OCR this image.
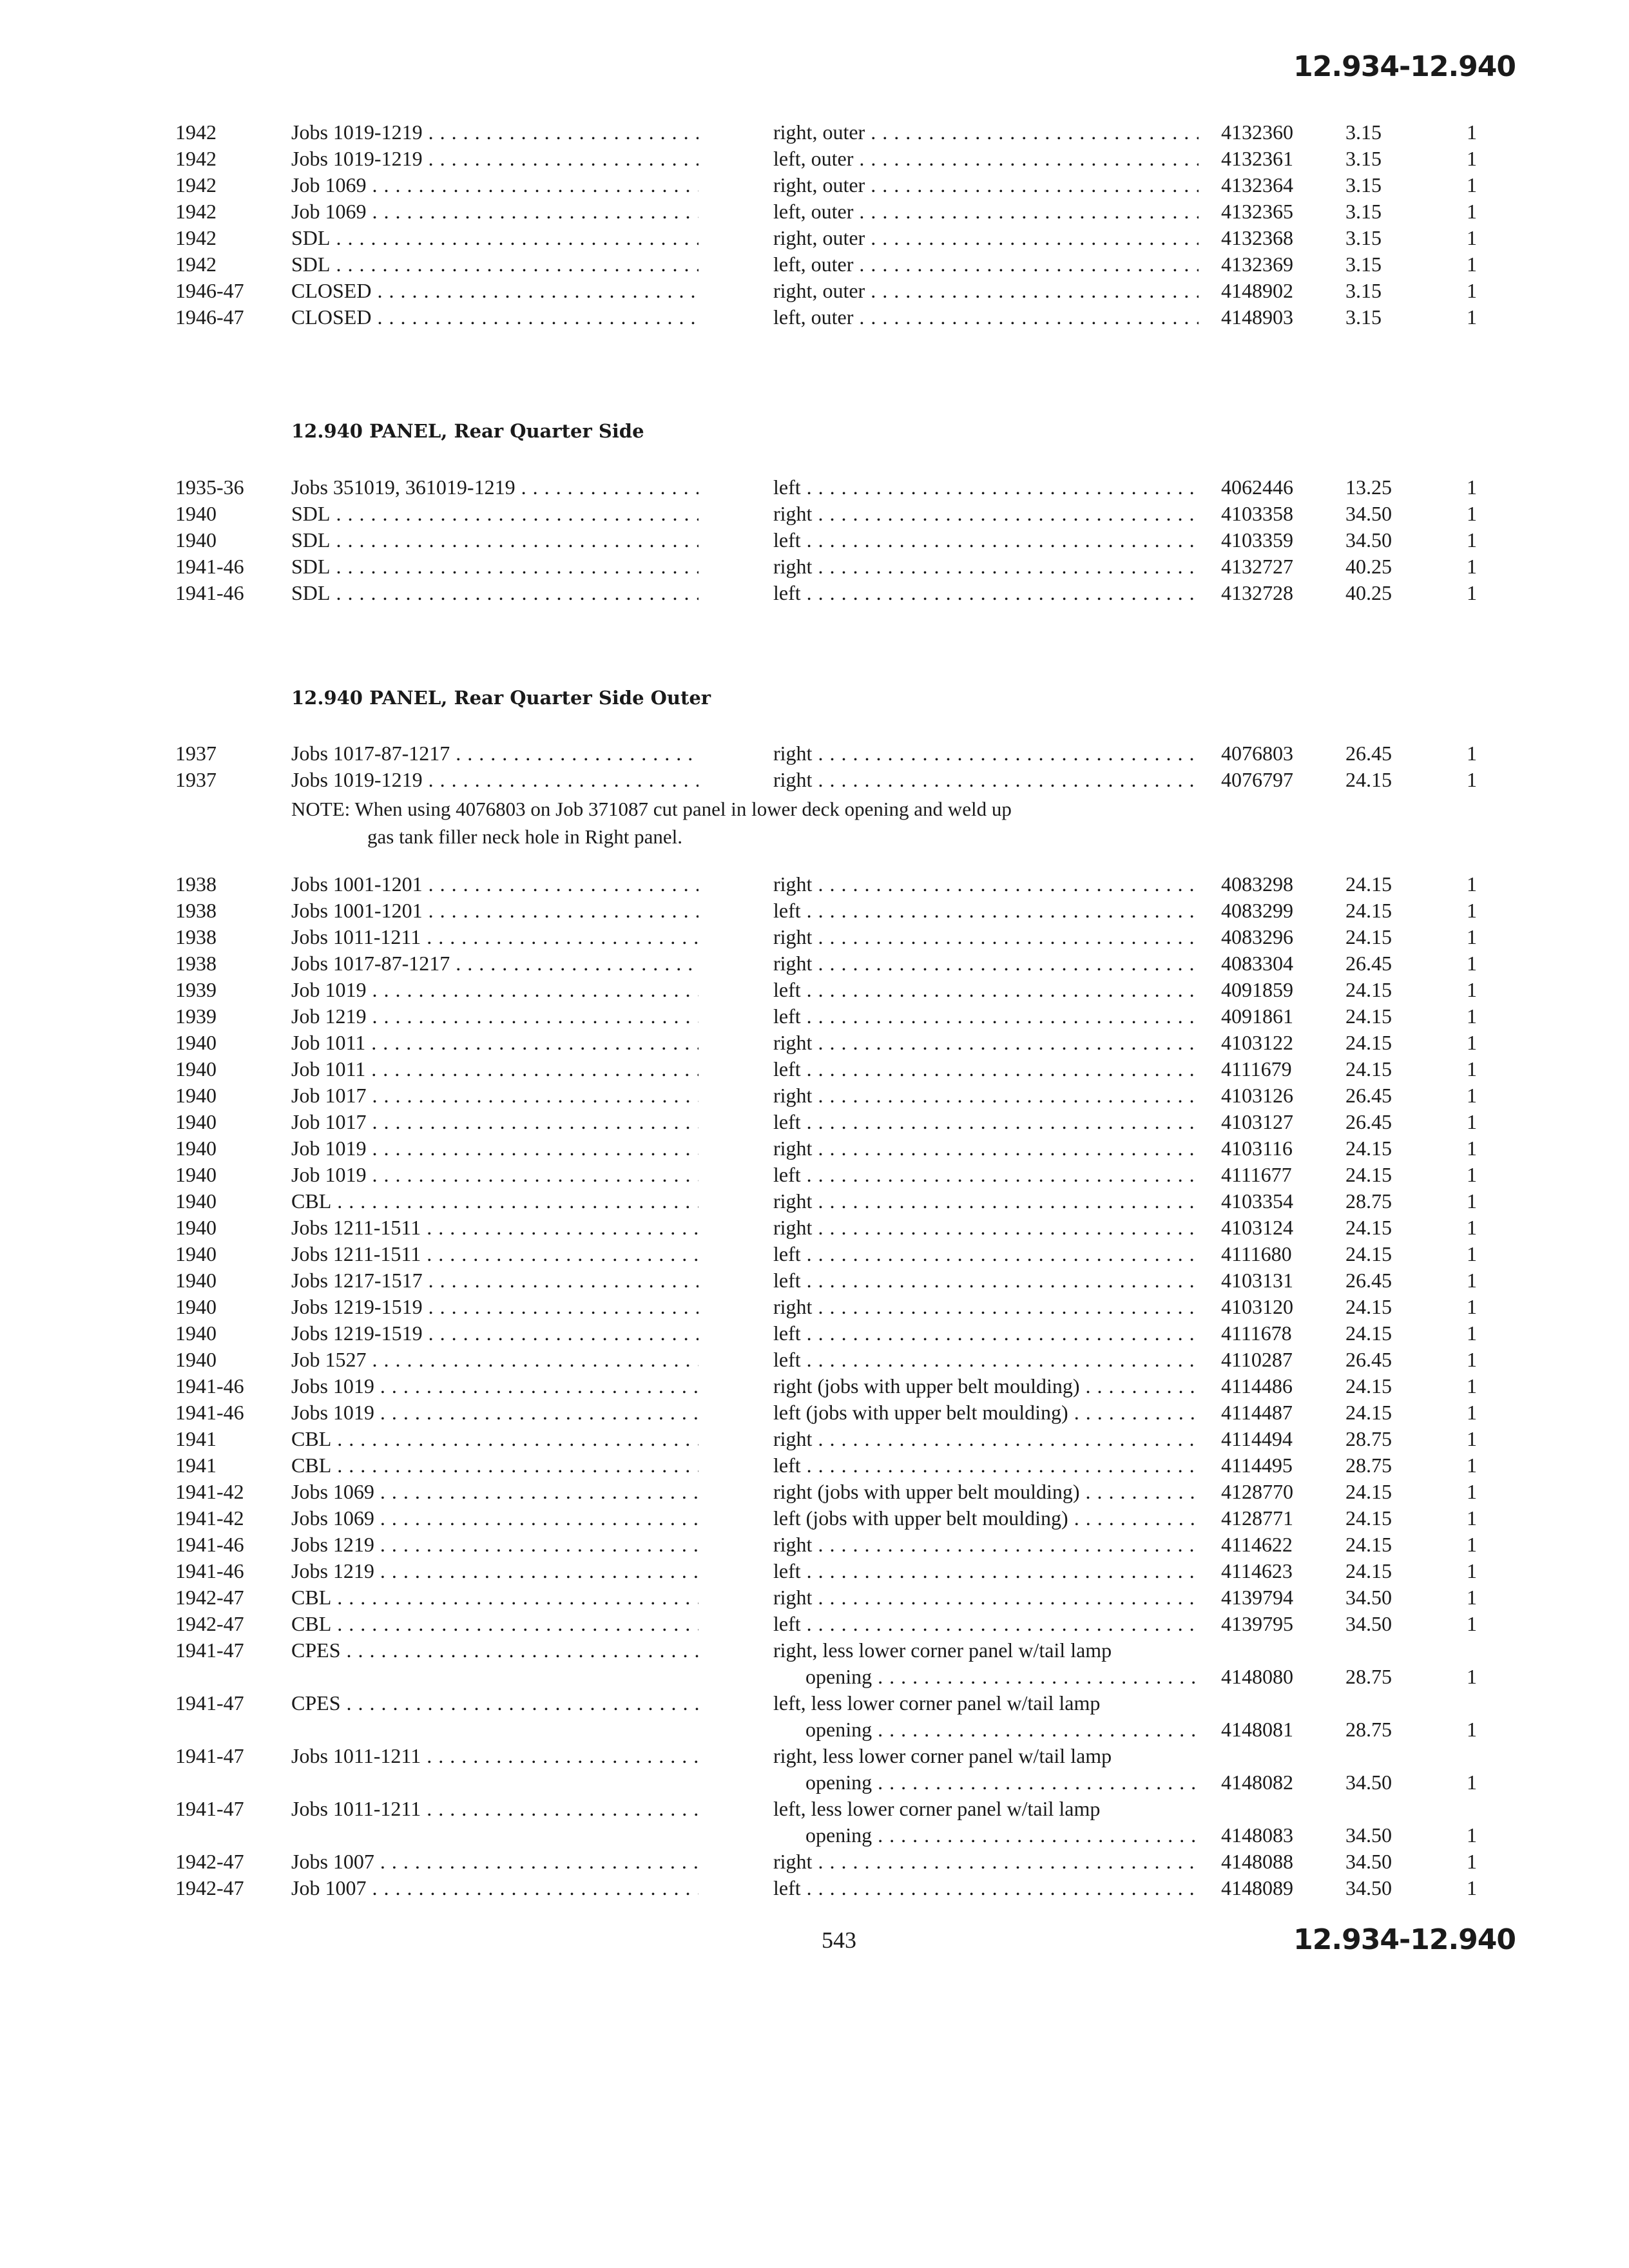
12.934-12.940
1942	Jobs 1019-1219 . . .	right, outer . . .	4132360	3.15	1
1942	Jobs 1019-1219 . . .	left, outer . . .	4132361	3.15	1
1942	Job 1069 . . .	right, outer . . .	4132364	3.15	1
1942	Job 1069 . . .	left, outer . . .	4132365	3.15	1
1942	SDL . . .	right, outer . . .	4132368	3.15	1
1942	SDL . . .	left, outer . . .	4132369	3.15	1
1946-47	CLOSED . . .	right, outer . . .	4148902	3.15	1
1946-47	CLOSED . . .	left, outer . . .	4148903	3.15	1
12.940 PANEL, Rear Quarter Side
1935-36	Jobs 351019, 361019-1219 . . .	left . . .	4062446	13.25	1
1940	SDL . . .	right . . .	4103358	34.50	1
1940	SDL . . .	left . . .	4103359	34.50	1
1941-46	SDL . . .	right . . .	4132727	40.25	1
1941-46	SDL . . .	left . . .	4132728	40.25	1
12.940 PANEL, Rear Quarter Side Outer
1937	Jobs 1017-87-1217 . . .	right . . .	4076803	26.45	1
1937	Jobs 1019-1219 . . .	right . . .	4076797	24.15	1
NOTE: When using 4076803 on Job 371087 cut panel in lower deck opening and weld up
gas tank filler neck hole in Right panel.
1938	Jobs 1001-1201 . . .	right . . .	4083298	24.15	1
1938	Jobs 1001-1201 . . .	left . . .	4083299	24.15	1
1938	Jobs 1011-1211 . . .	right . . .	4083296	24.15	1
1938	Jobs 1017-87-1217 . . .	right . . .	4083304	26.45	1
1939	Job 1019 . . .	left . . .	4091859	24.15	1
1939	Job 1219 . . .	left . . .	4091861	24.15	1
1940	Job 1011 . . .	right . . .	4103122	24.15	1
1940	Job 1011 . . .	left . . .	4111679	24.15	1
1940	Job 1017 . . .	right . . .	4103126	26.45	1
1940	Job 1017 . . .	left . . .	4103127	26.45	1
1940	Job 1019 . . .	right . . .	4103116	24.15	1
1940	Job 1019 . . .	left . . .	4111677	24.15	1
1940	CBL . . .	right . . .	4103354	28.75	1
1940	Jobs 1211-1511 . . .	right . . .	4103124	24.15	1
1940	Jobs 1211-1511 . . .	left . . .	4111680	24.15	1
1940	Jobs 1217-1517 . . .	left . . .	4103131	26.45	1
1940	Jobs 1219-1519 . . .	right . . .	4103120	24.15	1
1940	Jobs 1219-1519 . . .	left . . .	4111678	24.15	1
1940	Job 1527 . . .	left . . .	4110287	26.45	1
1941-46	Jobs 1019 . . .	right (jobs with upper belt moulding) . . .	4114486	24.15	1
1941-46	Jobs 1019 . . .	left (jobs with upper belt moulding) . . .	4114487	24.15	1
1941	CBL . . .	right . . .	4114494	28.75	1
1941	CBL . . .	left . . .	4114495	28.75	1
1941-42	Jobs 1069 . . .	right (jobs with upper belt moulding) . . .	4128770	24.15	1
1941-42	Jobs 1069 . . .	left (jobs with upper belt moulding) . . .	4128771	24.15	1
1941-46	Jobs 1219 . . .	right . . .	4114622	24.15	1
1941-46	Jobs 1219 . . .	left . . .	4114623	24.15	1
1942-47	CBL . . .	right . . .	4139794	34.50	1
1942-47	CBL . . .	left . . .	4139795	34.50	1
1941-47	CPES . . .	right, less lower corner panel w/tail lamp
opening . . .	4148080	28.75	1
1941-47	CPES . . .	left, less lower corner panel w/tail lamp
opening . . .	4148081	28.75	1
1941-47	Jobs 1011-1211 . . .	right, less lower corner panel w/tail lamp
opening . . .	4148082	34.50	1
1941-47	Jobs 1011-1211 . . .	left, less lower corner panel w/tail lamp
opening . . .	4148083	34.50	1
1942-47	Jobs 1007 . . .	right . . .	4148088	34.50	1
1942-47	Job 1007 . . .	left . . .	4148089	34.50	1
543	12.934-12.940
